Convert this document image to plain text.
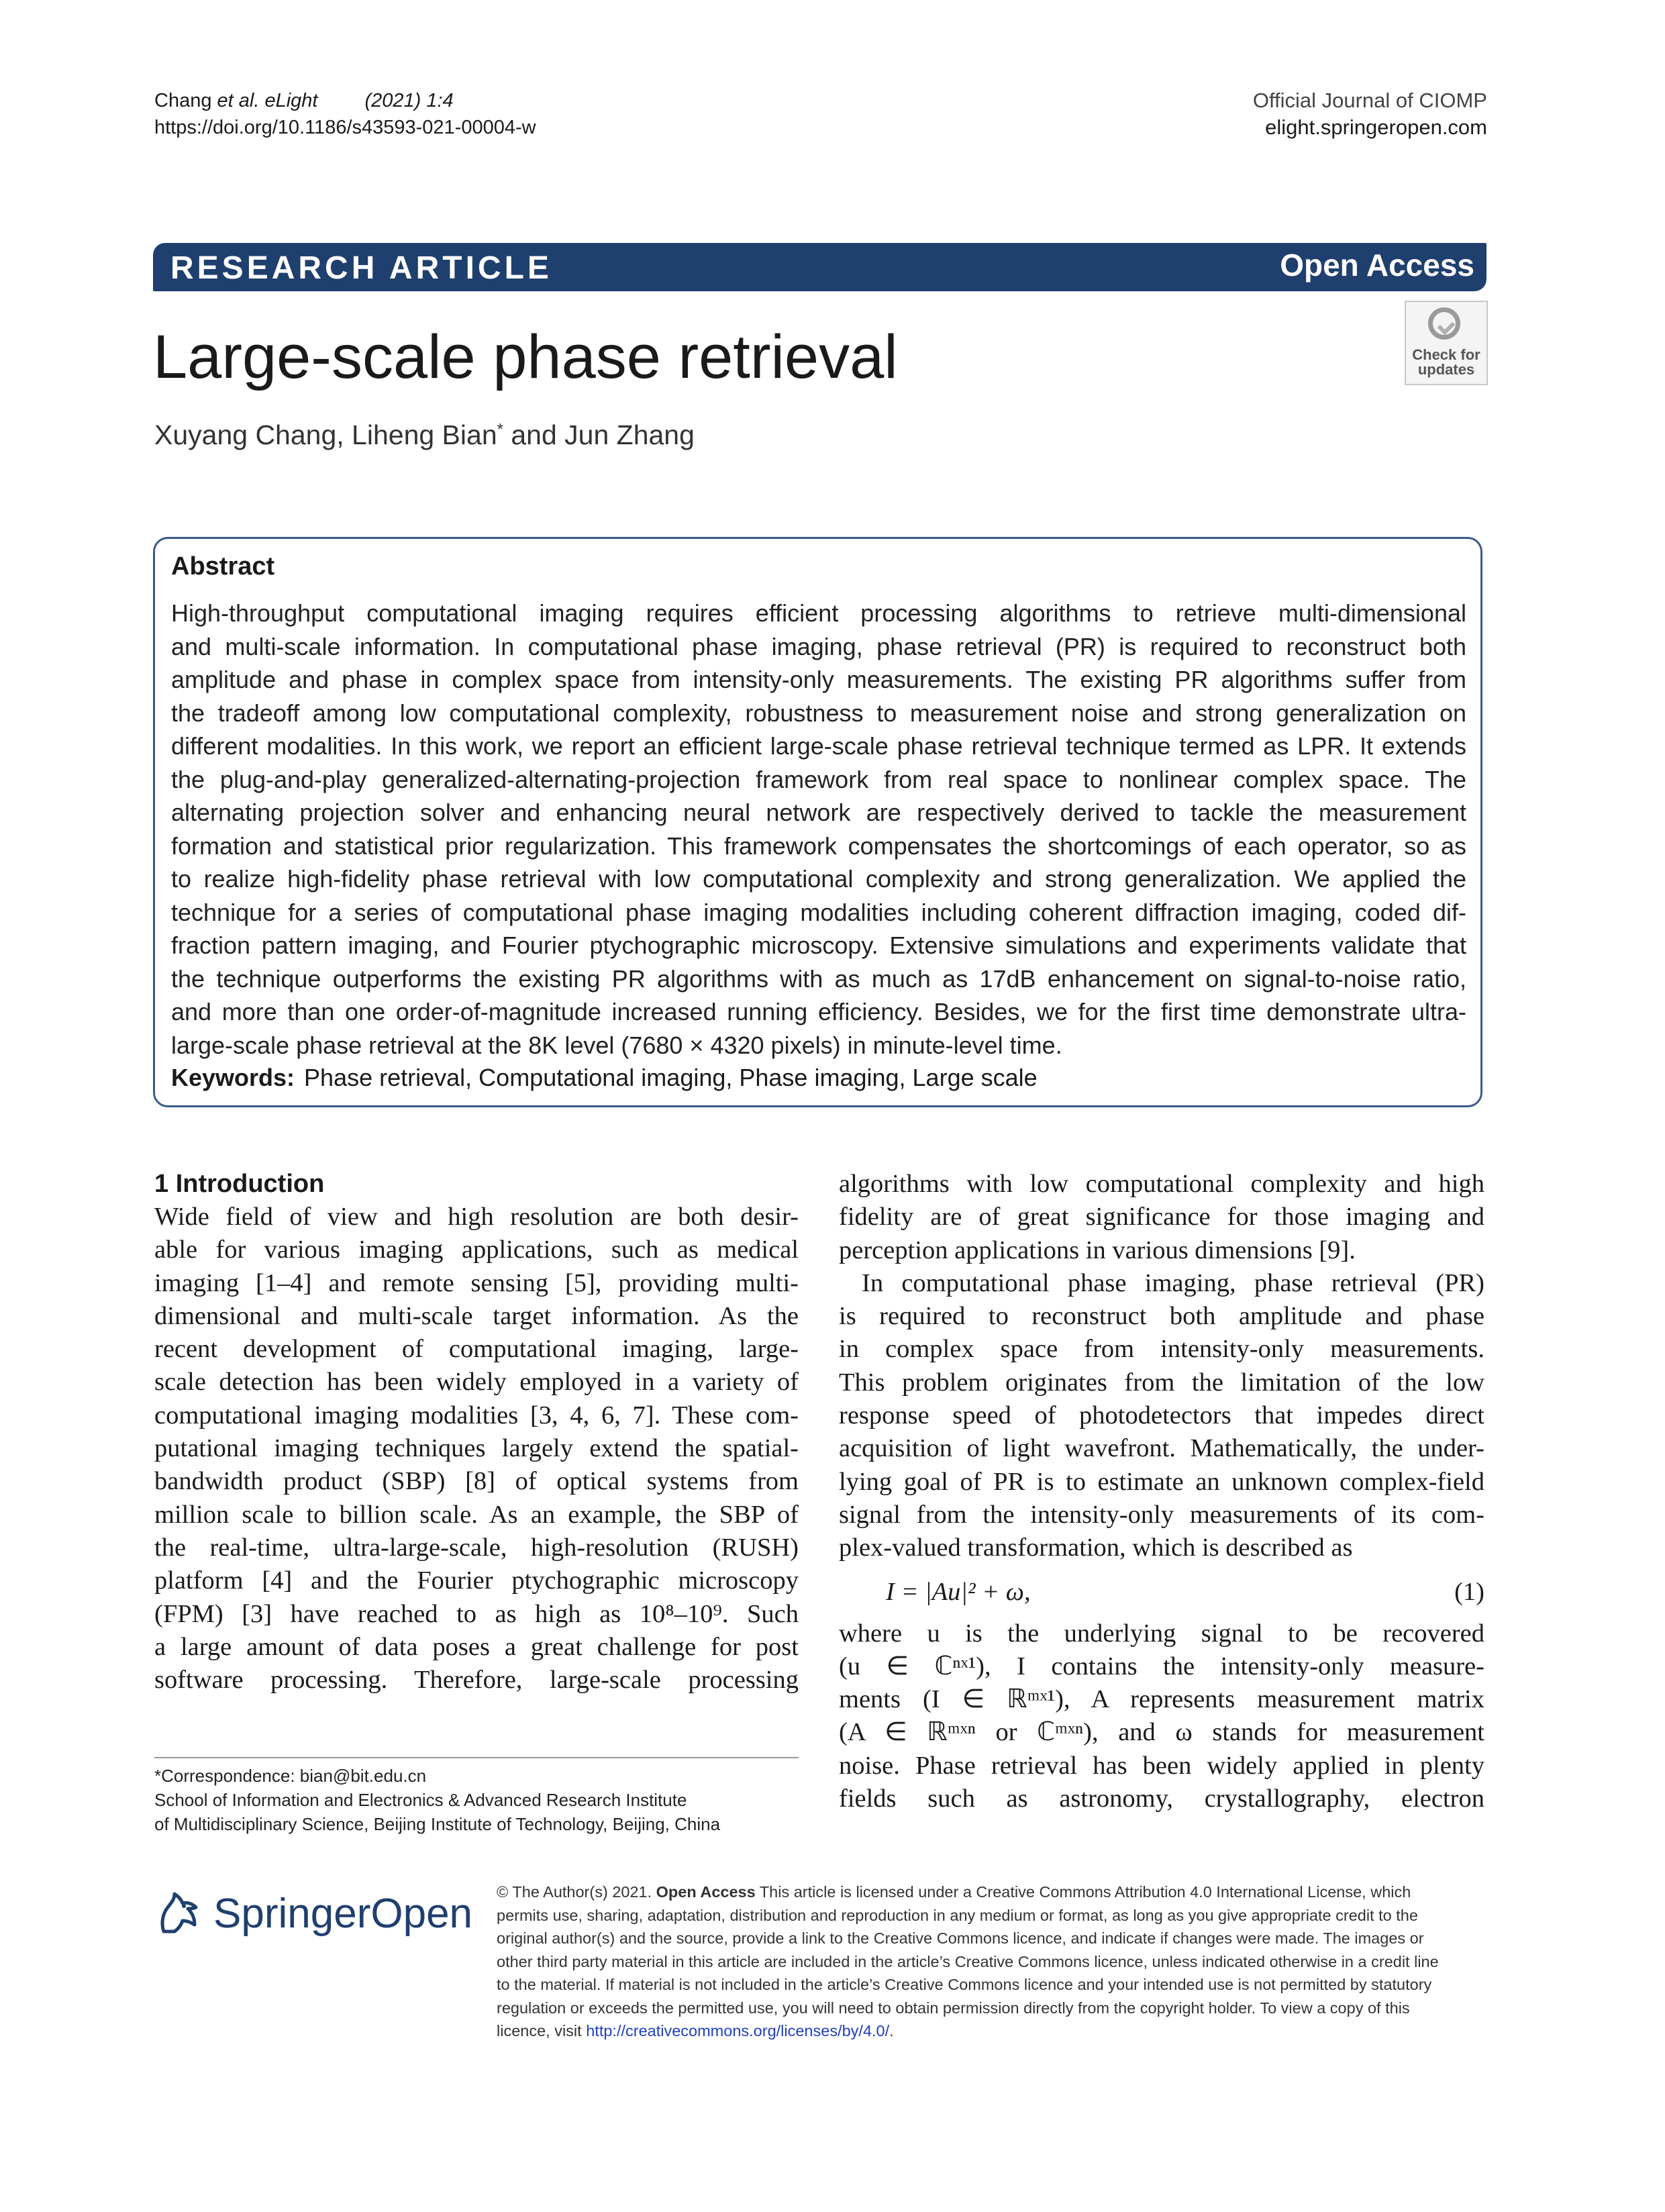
Chang et al. eLight (2021) 1:4
https://doi.org/10.1186/s43593-021-00004-w
Official Journal of CIOMP
elight.springeropen.com
RESEARCH ARTICLE	Open Access
Check for
updates
Large-scale phase retrieval
Xuyang Chang, Liheng Bian* and Jun Zhang
Abstract
High-throughput computational imaging requires efficient processing algorithms to retrieve multi-dimensional
and multi-scale information. In computational phase imaging, phase retrieval (PR) is required to reconstruct both
amplitude and phase in complex space from intensity-only measurements. The existing PR algorithms suffer from
the tradeoff among low computational complexity, robustness to measurement noise and strong generalization on
different modalities. In this work, we report an efficient large-scale phase retrieval technique termed as LPR. It extends
the plug-and-play generalized-alternating-projection framework from real space to nonlinear complex space. The
alternating projection solver and enhancing neural network are respectively derived to tackle the measurement
formation and statistical prior regularization. This framework compensates the shortcomings of each operator, so as
to realize high-fidelity phase retrieval with low computational complexity and strong generalization. We applied the
technique for a series of computational phase imaging modalities including coherent diffraction imaging, coded dif-
fraction pattern imaging, and Fourier ptychographic microscopy. Extensive simulations and experiments validate that
the technique outperforms the existing PR algorithms with as much as 17dB enhancement on signal-to-noise ratio,
and more than one order-of-magnitude increased running efficiency. Besides, we for the first time demonstrate ultra-
large-scale phase retrieval at the 8K level (7680 × 4320 pixels) in minute-level time.
Keywords: Phase retrieval, Computational imaging, Phase imaging, Large scale
1 Introduction
Wide field of view and high resolution are both desir-
able for various imaging applications, such as medical
imaging [1–4] and remote sensing [5], providing multi-
dimensional and multi-scale target information. As the
recent development of computational imaging, large-
scale detection has been widely employed in a variety of
computational imaging modalities [3, 4, 6, 7]. These com-
putational imaging techniques largely extend the spatial-
bandwidth product (SBP) [8] of optical systems from
million scale to billion scale. As an example, the SBP of
the real-time, ultra-large-scale, high-resolution (RUSH)
platform [4] and the Fourier ptychographic microscopy
(FPM) [3] have reached to as high as 10⁸–10⁹. Such
a large amount of data poses a great challenge for post
software processing. Therefore, large-scale processing
algorithms with low computational complexity and high
fidelity are of great significance for those imaging and
perception applications in various dimensions [9].
In computational phase imaging, phase retrieval (PR)
is required to reconstruct both amplitude and phase
in complex space from intensity-only measurements.
This problem originates from the limitation of the low
response speed of photodetectors that impedes direct
acquisition of light wavefront. Mathematically, the under-
lying goal of PR is to estimate an unknown complex-field
signal from the intensity-only measurements of its com-
plex-valued transformation, which is described as
I = |Au|² + ω,	(1)
where u is the underlying signal to be recovered
(u ∈ ℂⁿˣ¹), I contains the intensity-only measure-
ments (I ∈ ℝᵐˣ¹), A represents measurement matrix
(A ∈ ℝᵐˣⁿ or ℂᵐˣⁿ), and ω stands for measurement
noise. Phase retrieval has been widely applied in plenty
fields such as astronomy, crystallography, electron
*Correspondence: bian@bit.edu.cn
School of Information and Electronics & Advanced Research Institute
of Multidisciplinary Science, Beijing Institute of Technology, Beijing, China
SpringerOpen © The Author(s) 2021. Open Access This article is licensed under a Creative Commons Attribution 4.0 International License, which
permits use, sharing, adaptation, distribution and reproduction in any medium or format, as long as you give appropriate credit to the
original author(s) and the source, provide a link to the Creative Commons licence, and indicate if changes were made. The images or
other third party material in this article are included in the article’s Creative Commons licence, unless indicated otherwise in a credit line
to the material. If material is not included in the article’s Creative Commons licence and your intended use is not permitted by statutory
regulation or exceeds the permitted use, you will need to obtain permission directly from the copyright holder. To view a copy of this
licence, visit http://creativecommons.org/licenses/by/4.0/.
